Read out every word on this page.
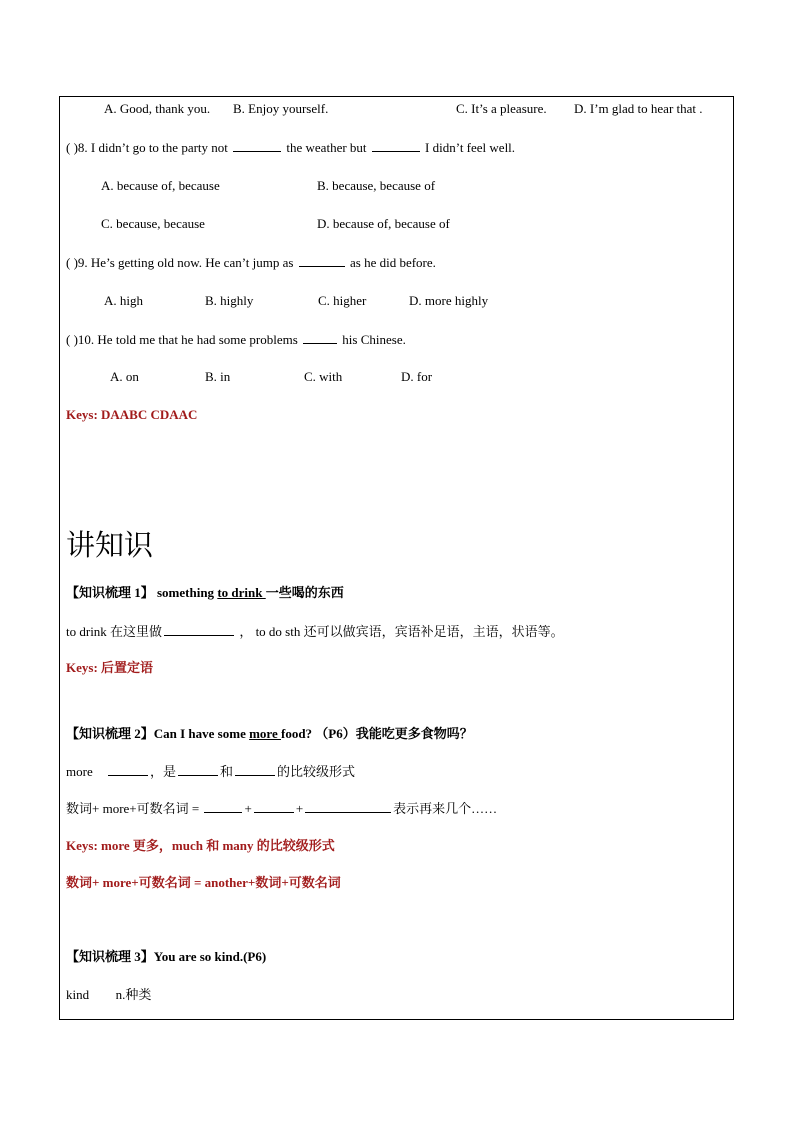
A. Good, thank you. B. Enjoy yourself.	C. It’s a pleasure. D. I’m glad to hear that .
( )8. I didn’t go to the party not	the weather but	I didn’t feel well.
A. because of, because	B. because, because of
C. because, because	D. because of, because of
( )9. He’s getting old now. He can’t jump as	as he did before.
A. high	B. highly	C. higher	D. more highly
( )10. He told me that he had some problems	his Chinese.
A. on	B. in	C. with	D. for
Keys: DAABC CDAAC
讲知识
【知识梳理 1】 something to drink 一些喝的东西
to drink 在这里做	， to do sth 还可以做宾语，宾语补足语，主语，状语等。
Keys: 后置定语
【知识梳理 2】Can I have some more food? （P6）我能吃更多食物吗？
more	，是	和	的比较级形式
数词+ more+可数名词 =	+	+	表示再来几个……
Keys: more 更多，much 和 many 的比较级形式
数词+ more+可数名词 = another+数词+可数名词
【知识梳理 3】You are so kind.(P6)
kind n.种类
